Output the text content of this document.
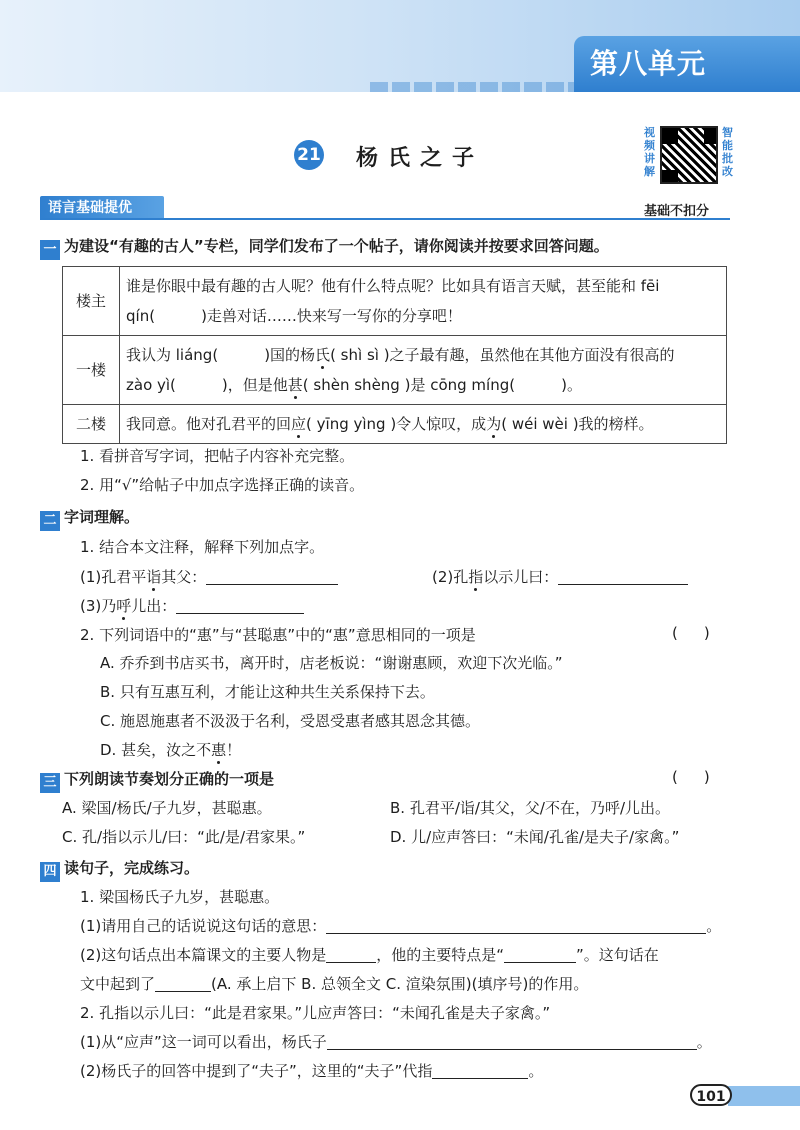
第八单元
21 杨氏之子
视频讲解
智能批改
语言基础提优	基础不扣分
一 为建设“有趣的古人”专栏，同学们发布了一个帖子，请你阅读并按要求回答问题。
楼主	谁是你眼中最有趣的古人呢？他有什么特点呢？比如具有语言天赋，甚至能和 fēi
qín( )走兽对话……快来写一写你的分享吧！

一楼	我认为 liáng( )国的杨氏( shì sì )之子最有趣，虽然他在其他方面没有很高的
zào yì( )，但是他甚( shèn shèng )是 cōng míng( )。

二楼	我同意。他对孔君平的回应( yīng yìng )令人惊叹，成为( wéi wèi )我的榜样。
1. 看拼音写字词，把帖子内容补充完整。
2. 用“√”给帖子中加点字选择正确的读音。
二 字词理解。
1. 结合本文注释，解释下列加点字。
(1)孔君平诣其父：	(2)孔指以示儿曰：
(3)乃呼儿出：
2. 下列词语中的“惠”与“甚聪惠”中的“惠”意思相同的一项是	()
A. 乔乔到书店买书，离开时，店老板说：“谢谢惠顾，欢迎下次光临。”
B. 只有互惠互利，才能让这种共生关系保持下去。
C. 施恩施惠者不汲汲于名利，受恩受惠者感其恩念其德。
D. 甚矣，汝之不惠！
三 下列朗读节奏划分正确的一项是	()
A. 梁国/杨氏/子九岁，甚聪惠。	B. 孔君平/诣/其父，父/不在，乃呼/儿出。
C. 孔/指以示儿/曰：“此/是/君家果。”	D. 儿/应声答曰：“未闻/孔雀/是夫子/家禽。”
四 读句子，完成练习。
1. 梁国杨氏子九岁，甚聪惠。
(1)请用自己的话说说这句话的意思：	。
(2)这句话点出本篇课文的主要人物是	，他的主要特点是“	”。这句话在
文中起到了	(A. 承上启下 B. 总领全文 C. 渲染氛围)(填序号)的作用。
2. 孔指以示儿曰：“此是君家果。”儿应声答曰：“未闻孔雀是夫子家禽。”
(1)从“应声”这一词可以看出，杨氏子	。
(2)杨氏子的回答中提到了“夫子”，这里的“夫子”代指	。
101
